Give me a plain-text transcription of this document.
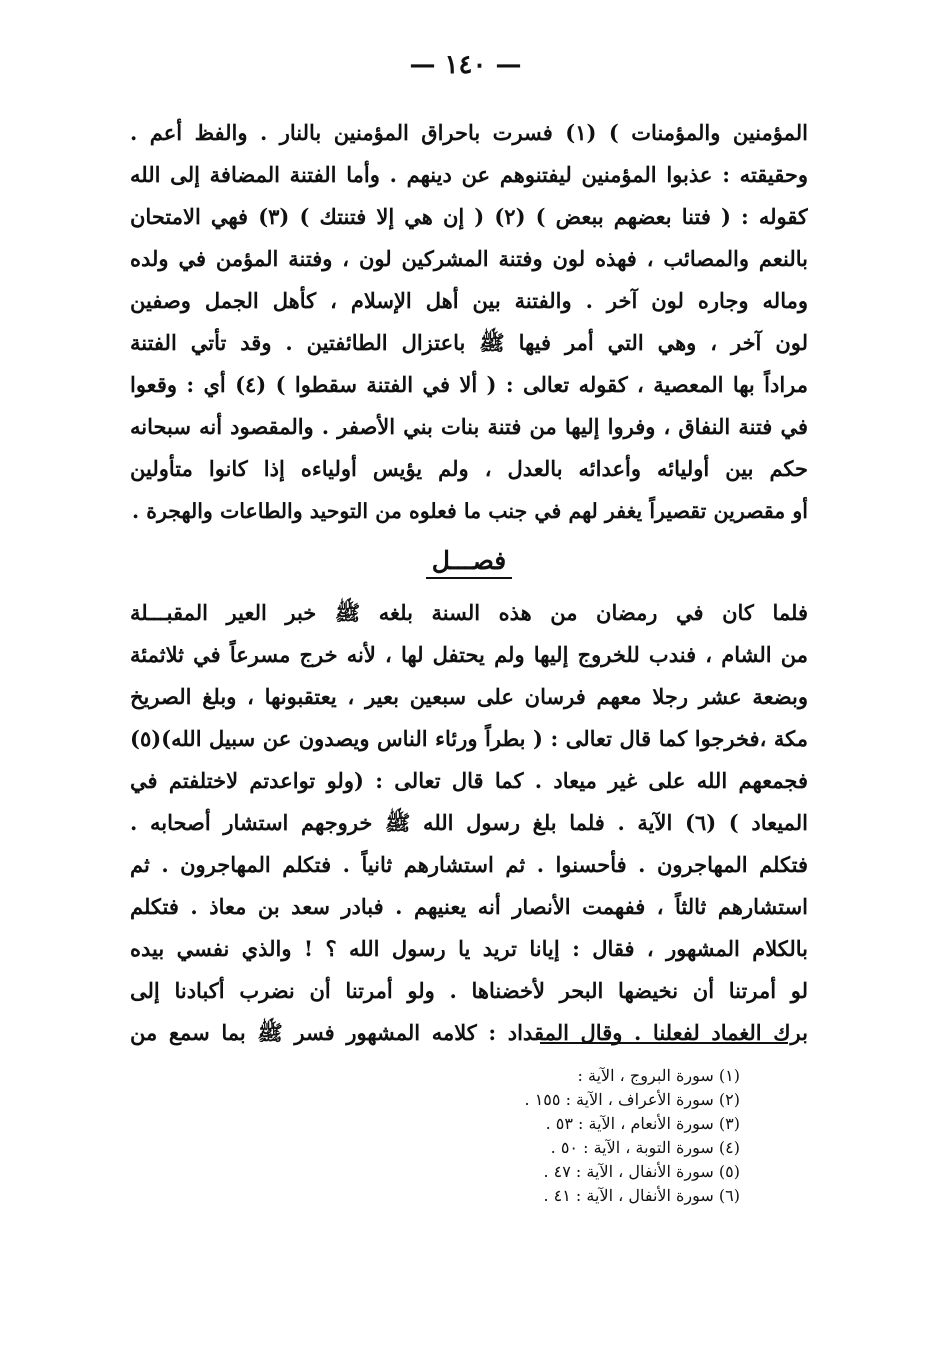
— ١٤٠ —
المؤمنين والمؤمنات ) (١) فسرت باحراق المؤمنين بالنار . والفظ أعم .
وحقيقته : عذبوا المؤمنين ليفتنوهم عن دينهم . وأما الفتنة المضافة إلى الله
كقوله : ( فتنا بعضهم ببعض ) (٢) ( إن هي إلا فتنتك ) (٣) فهي الامتحان
بالنعم والمصائب ، فهذه لون وفتنة المشركين لون ، وفتنة المؤمن في ولده
وماله وجاره لون آخر . والفتنة بين أهل الإسلام ، كأهل الجمل وصفين
لون آخر ، وهي التي أمر فيها ﷺ باعتزال الطائفتين . وقد تأتي الفتنة
مراداً بها المعصية ، كقوله تعالى : ( ألا في الفتنة سقطوا ) (٤) أي : وقعوا
في فتنة النفاق ، وفروا إليها من فتنة بنات بني الأصفر . والمقصود أنه سبحانه
حكم بين أوليائه وأعدائه بالعدل ، ولم يؤيس أولياءه إذا كانوا متأولين
أو مقصرين تقصيراً يغفر لهم في جنب ما فعلوه من التوحيد والطاعات والهجرة .
فصـــل
فلما كان في رمضان من هذه السنة بلغه ﷺ خبر العير المقبـــلة
من الشام ، فندب للخروج إليها ولم يحتفل لها ، لأنه خرج مسرعاً في ثلاثمئة
وبضعة عشر رجلا معهم فرسان على سبعين بعير ، يعتقبونها ، وبلغ الصريخ
مكة ،فخرجوا كما قال تعالى : ( بطراً ورئاء الناس ويصدون عن سبيل الله)(٥)
فجمعهم الله على غير ميعاد . كما قال تعالى : (ولو تواعدتم لاختلفتم في
الميعاد ) (٦) الآية . فلما بلغ رسول الله ﷺ خروجهم استشار أصحابه .
فتكلم المهاجرون . فأحسنوا . ثم استشارهم ثانياً . فتكلم المهاجرون . ثم
استشارهم ثالثاً ، ففهمت الأنصار أنه يعنيهم . فبادر سعد بن معاذ . فتكلم
بالكلام المشهور ، فقال : إيانا تريد يا رسول الله ؟ ! والذي نفسي بيده
لو أمرتنا أن نخيضها البحر لأخضناها . ولو أمرتنا أن نضرب أكبادنا إلى
برك الغماد لفعلنا . وقال المقداد : كلامه المشهور فسر ﷺ بما سمع من
(١) سورة البروج ، الآية :
(٢) سورة الأعراف ، الآية : ١٥٥ .
(٣) سورة الأنعام ، الآية : ٥٣ .
(٤) سورة التوبة ، الآية : ٥٠ .
(٥) سورة الأنفال ، الآية : ٤٧ .
(٦) سورة الأنفال ، الآية : ٤١ .
